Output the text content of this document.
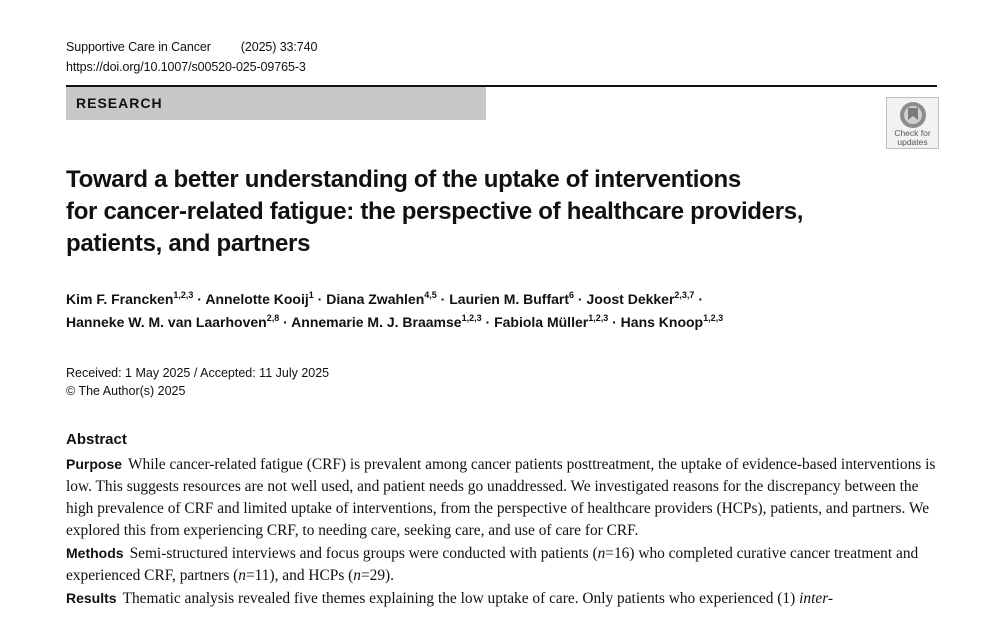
Supportive Care in Cancer (2025) 33:740
https://doi.org/10.1007/s00520-025-09765-3
RESEARCH
Check for
updates
Toward a better understanding of the uptake of interventions
for cancer-related fatigue: the perspective of healthcare providers,
patients, and partners
Kim F. Francken$^{1,2,3}$ · Annelotte Kooij$^1$ · Diana Zwahlen$^{4,5}$ · Laurien M. Buffart$^6$ · Joost Dekker$^{2,3,7}$ ·
Hanneke W. M. van Laarhoven$^{2,8}$ · Annemarie M. J. Braamse$^{1,2,3}$ · Fabiola Müller$^{1,2,3}$ · Hans Knoop$^{1,2,3}$
Received: 1 May 2025 / Accepted: 11 July 2025
© The Author(s) 2025
Abstract

Purpose While cancer-related fatigue (CRF) is prevalent among cancer patients posttreatment, the uptake of evidence-based interventions is low. This suggests resources are not well used, and patient needs go unaddressed. We investigated reasons for the discrepancy between the high prevalence of CRF and limited uptake of interventions, from the perspective of healthcare providers (HCPs), patients, and partners. We explored this from experiencing CRF, to needing care, seeking care, and use of care for CRF.

Methods Semi-structured interviews and focus groups were conducted with patients (n=16) who completed curative cancer treatment and experienced CRF, partners (n=11), and HCPs (n=29).

Results Thematic analysis revealed five themes explaining the low uptake of care. Only patients who experienced (1) inter-
